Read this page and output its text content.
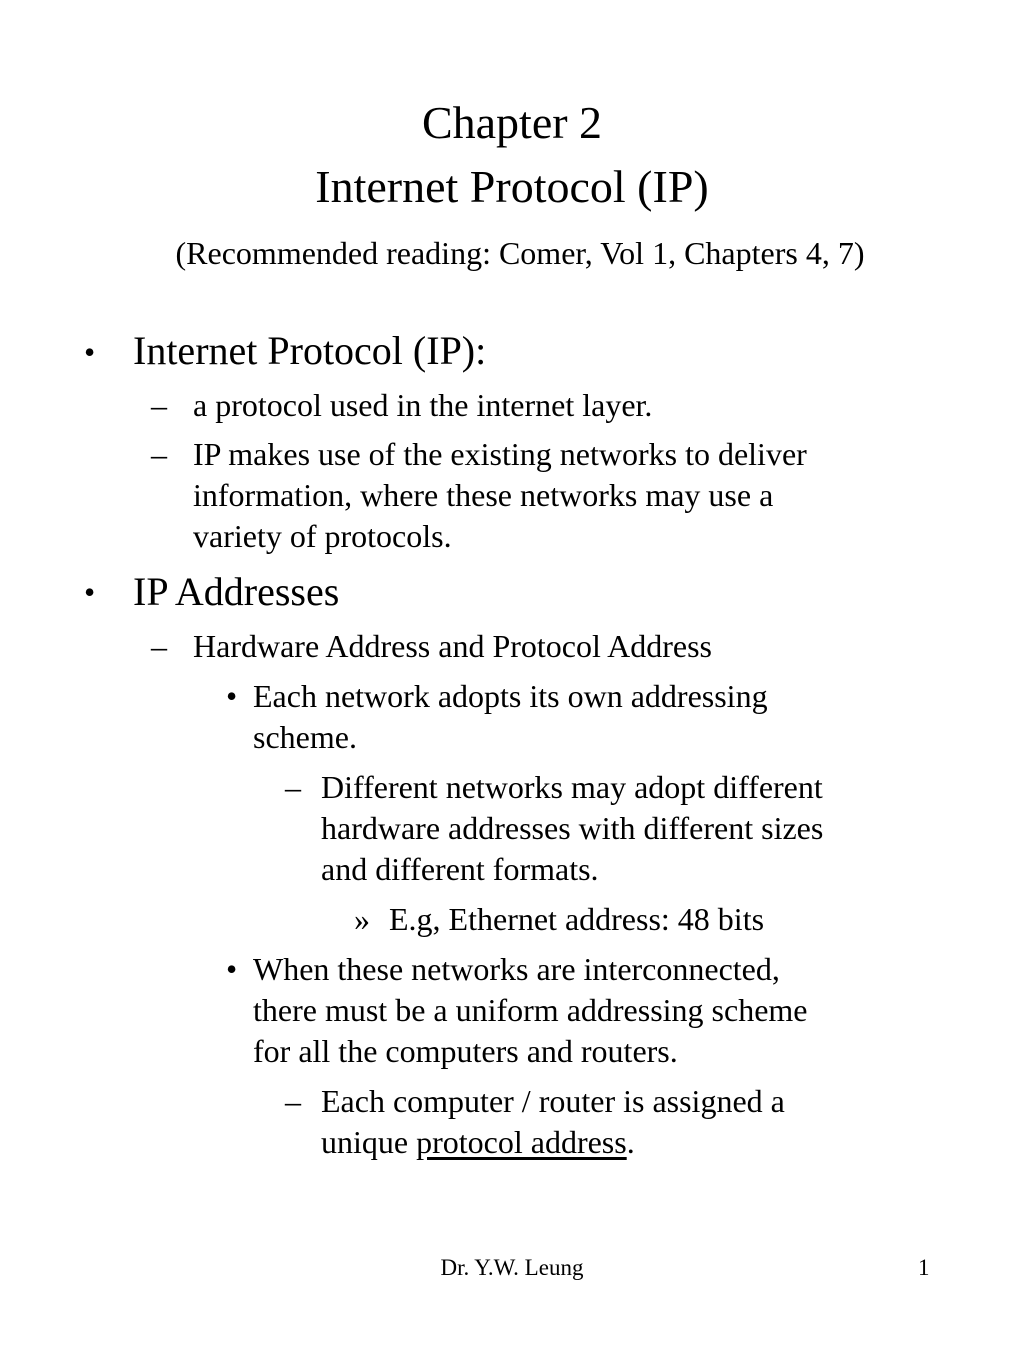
Chapter 2
Internet Protocol (IP)
(Recommended reading: Comer, Vol 1, Chapters 4, 7)
• Internet Protocol (IP):
– a protocol used in the internet layer.
– IP makes use of the existing networks to deliver
information, where these networks may use a
variety of protocols.
• IP Addresses
– Hardware Address and Protocol Address
• Each network adopts its own addressing
scheme.
– Different networks may adopt different
hardware addresses with different sizes
and different formats.
» E.g, Ethernet address: 48 bits
• When these networks are interconnected,
there must be a uniform addressing scheme
for all the computers and routers.
– Each computer / router is assigned a
unique protocol address.
Dr. Y.W. Leung	1
